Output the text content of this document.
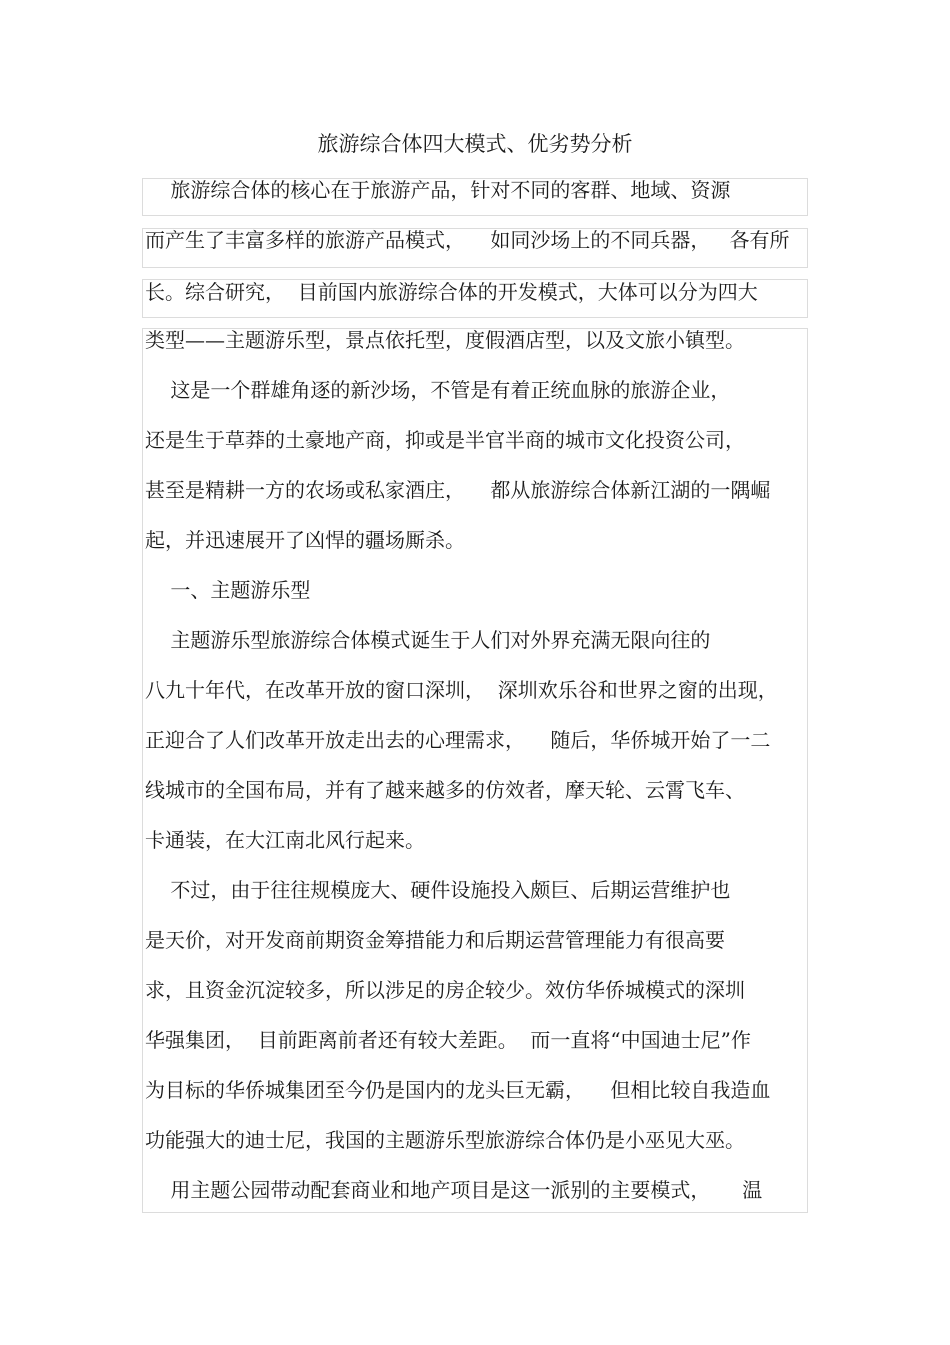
旅游综合体四大模式、优劣势分析
旅游综合体的核心在于旅游产品，针对不同的客群、地域、资源
而产生了丰富多样的旅游产品模式，    如同沙场上的不同兵器，   各有所
长。综合研究，  目前国内旅游综合体的开发模式，大体可以分为四大
类型——主题游乐型，景点依托型，度假酒店型，以及文旅小镇型。
这是一个群雄角逐的新沙场，不管是有着正统血脉的旅游企业，
还是生于草莽的土豪地产商，抑或是半官半商的城市文化投资公司，
甚至是精耕一方的农场或私家酒庄，    都从旅游综合体新江湖的一隅崛
起，并迅速展开了凶悍的疆场厮杀。
一、主题游乐型
主题游乐型旅游综合体模式诞生于人们对外界充满无限向往的
八九十年代，在改革开放的窗口深圳，  深圳欢乐谷和世界之窗的出现，
正迎合了人们改革开放走出去的心理需求，    随后，华侨城开始了一二
线城市的全国布局，并有了越来越多的仿效者，摩天轮、云霄飞车、
卡通装，在大江南北风行起来。
不过，由于往往规模庞大、硬件设施投入颇巨、后期运营维护也
是天价，对开发商前期资金筹措能力和后期运营管理能力有很高要
求，且资金沉淀较多，所以涉足的房企较少。效仿华侨城模式的深圳
华强集团，  目前距离前者还有较大差距。  而一直将“中国迪士尼”作
为目标的华侨城集团至今仍是国内的龙头巨无霸，    但相比较自我造血
功能强大的迪士尼，我国的主题游乐型旅游综合体仍是小巫见大巫。
用主题公园带动配套商业和地产项目是这一派别的主要模式，     温
